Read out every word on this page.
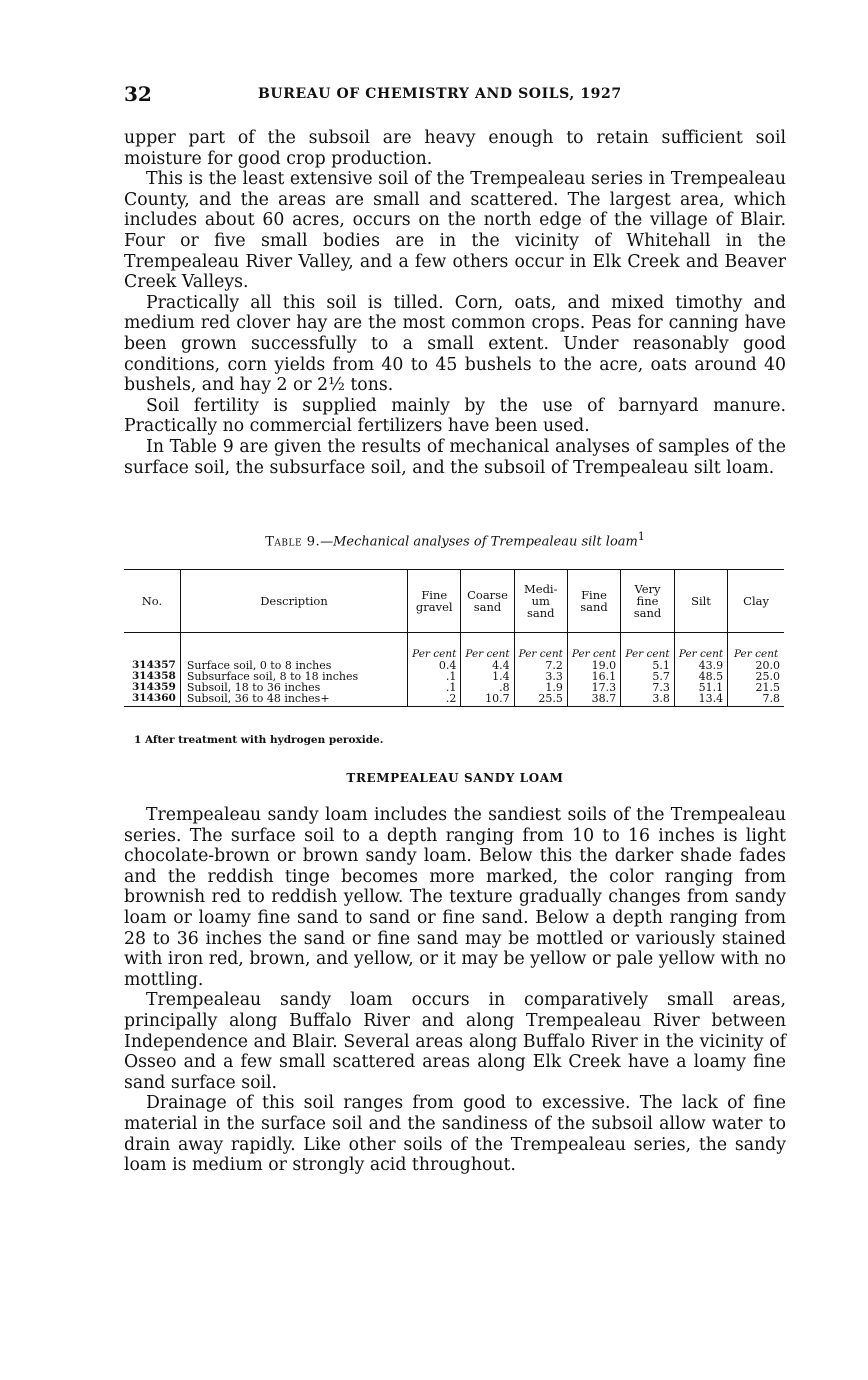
32	BUREAU OF CHEMISTRY AND SOILS, 1927

upper part of the subsoil are heavy enough to retain sufficient soil moisture for good crop production.

This is the least extensive soil of the Trempealeau series in Trempealeau County, and the areas are small and scattered. The largest area, which includes about 60 acres, occurs on the north edge of the village of Blair. Four or five small bodies are in the vicinity of Whitehall in the Trempealeau River Valley, and a few others occur in Elk Creek and Beaver Creek Valleys.

Practically all this soil is tilled. Corn, oats, and mixed timothy and medium red clover hay are the most common crops. Peas for canning have been grown successfully to a small extent. Under reasonably good conditions, corn yields from 40 to 45 bushels to the acre, oats around 40 bushels, and hay 2 or 2½ tons.

Soil fertility is supplied mainly by the use of barnyard manure. Practically no commercial fertilizers have been used.

In Table 9 are given the results of mechanical analyses of samples of the surface soil, the subsurface soil, and the subsoil of Trempealeau silt loam.

Table 9.—Mechanical analyses of Trempealeau silt loam$^1$
No.	Description	Fine gravel	Coarse sand	Medi-um sand	Fine sand	Very fine sand	Silt	Clay
		Per cent	Per cent	Per cent	Per cent	Per cent	Per cent	Per cent
314357	Surface soil, 0 to 8 inches	0.4	4.4	7.2	19.0	5.1	43.9	20.0
314358	Subsurface soil, 8 to 18 inches	.1	1.4	3.3	16.1	5.7	48.5	25.0
314359	Subsoil, 18 to 36 inches	.1	.8	1.9	17.3	7.3	51.1	21.5
314360	Subsoil, 36 to 48 inches+	.2	10.7	25.5	38.7	3.8	13.4	7.8
1 After treatment with hydrogen peroxide.
TREMPEALEAU SANDY LOAM

Trempealeau sandy loam includes the sandiest soils of the Trempealeau series. The surface soil to a depth ranging from 10 to 16 inches is light chocolate-brown or brown sandy loam. Below this the darker shade fades and the reddish tinge becomes more marked, the color ranging from brownish red to reddish yellow. The texture gradually changes from sandy loam or loamy fine sand to sand or fine sand. Below a depth ranging from 28 to 36 inches the sand or fine sand may be mottled or variously stained with iron red, brown, and yellow, or it may be yellow or pale yellow with no mottling.

Trempealeau sandy loam occurs in comparatively small areas, principally along Buffalo River and along Trempealeau River between Independence and Blair. Several areas along Buffalo River in the vicinity of Osseo and a few small scattered areas along Elk Creek have a loamy fine sand surface soil.

Drainage of this soil ranges from good to excessive. The lack of fine material in the surface soil and the sandiness of the subsoil allow water to drain away rapidly. Like other soils of the Trempealeau series, the sandy loam is medium or strongly acid throughout.
